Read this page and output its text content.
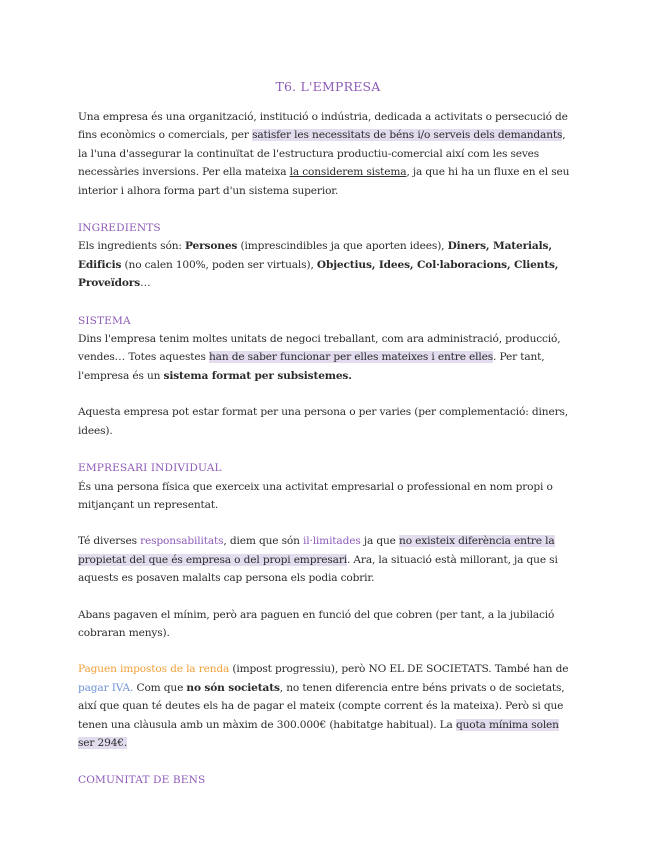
T6. L'EMPRESA

Una empresa és una organització, institució o indústria, dedicada a activitats o persecució de fins econòmics o comercials, per satisfer les necessitats de béns i/o serveis dels demandants, la l'una d'assegurar la continuïtat de l'estructura productiu-comercial així com les seves necessàries inversions. Per ella mateixa la considerem sistema, ja que hi ha un fluxe en el seu interior i alhora forma part d'un sistema superior.

INGREDIENTS

Els ingredients són: Persones (imprescindibles ja que aporten idees), Diners, Materials, Edificis (no calen 100%, poden ser virtuals), Objectius, Idees, Col·laboracions, Clients, Proveïdors…

SISTEMA

Dins l'empresa tenim moltes unitats de negoci treballant, com ara administració, producció, vendes… Totes aquestes han de saber funcionar per elles mateixes i entre elles. Per tant, l'empresa és un sistema format per subsistemes.

Aquesta empresa pot estar format per una persona o per varies (per complementació: diners, idees).

EMPRESARI INDIVIDUAL

És una persona física que exerceix una activitat empresarial o professional en nom propi o mitjançant un representat.

Té diverses responsabilitats, diem que són il·limitades ja que no existeix diferència entre la propietat del que és empresa o del propi empresari. Ara, la situació està millorant, ja que si aquests es posaven malalts cap persona els podia cobrir.

Abans pagaven el mínim, però ara paguen en funció del que cobren (per tant, a la jubilació cobraran menys).

Paguen impostos de la renda (impost progressiu), però NO EL DE SOCIETATS. També han de pagar IVA. Com que no són societats, no tenen diferencia entre béns privats o de societats, així que quan té deutes els ha de pagar el mateix (compte corrent és la mateixa). Però si que tenen una clàusula amb un màxim de 300.000€ (habitatge habitual). La quota mínima solen ser 294€.

COMUNITAT DE BENS
